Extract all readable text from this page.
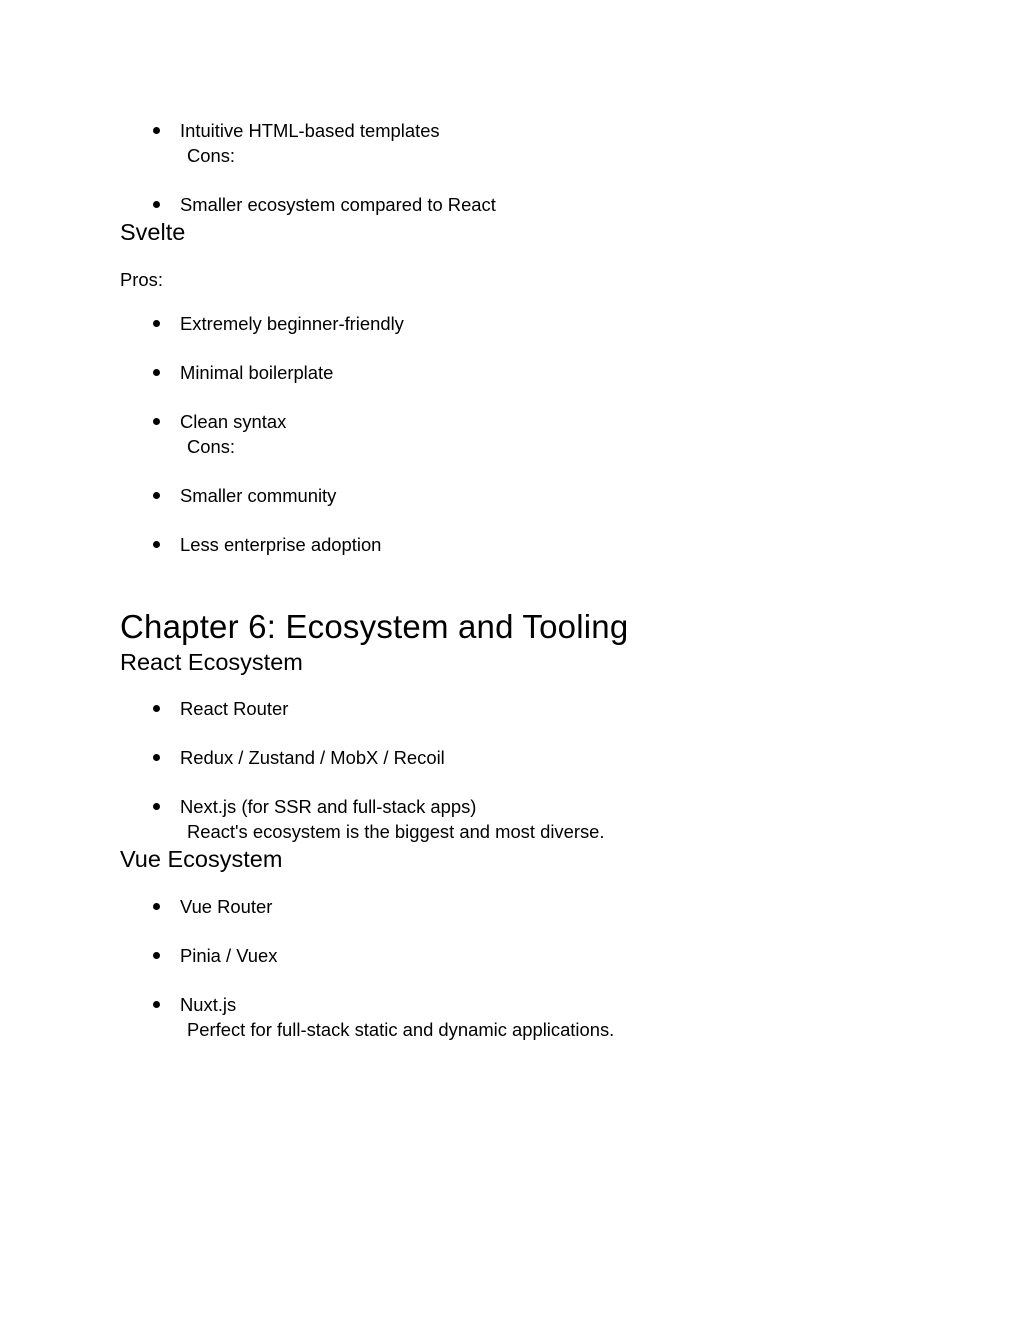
Intuitive HTML-based templates
Cons:
Smaller ecosystem compared to React
Svelte

Pros:

Extremely beginner-friendly
Minimal boilerplate
Clean syntax
Cons:
Smaller community
Less enterprise adoption
Chapter 6: Ecosystem and Tooling
React Ecosystem
React Router
Redux / Zustand / MobX / Recoil
Next.js (for SSR and full-stack apps)
React's ecosystem is the biggest and most diverse.
Vue Ecosystem
Vue Router
Pinia / Vuex
Nuxt.js
Perfect for full-stack static and dynamic applications.
